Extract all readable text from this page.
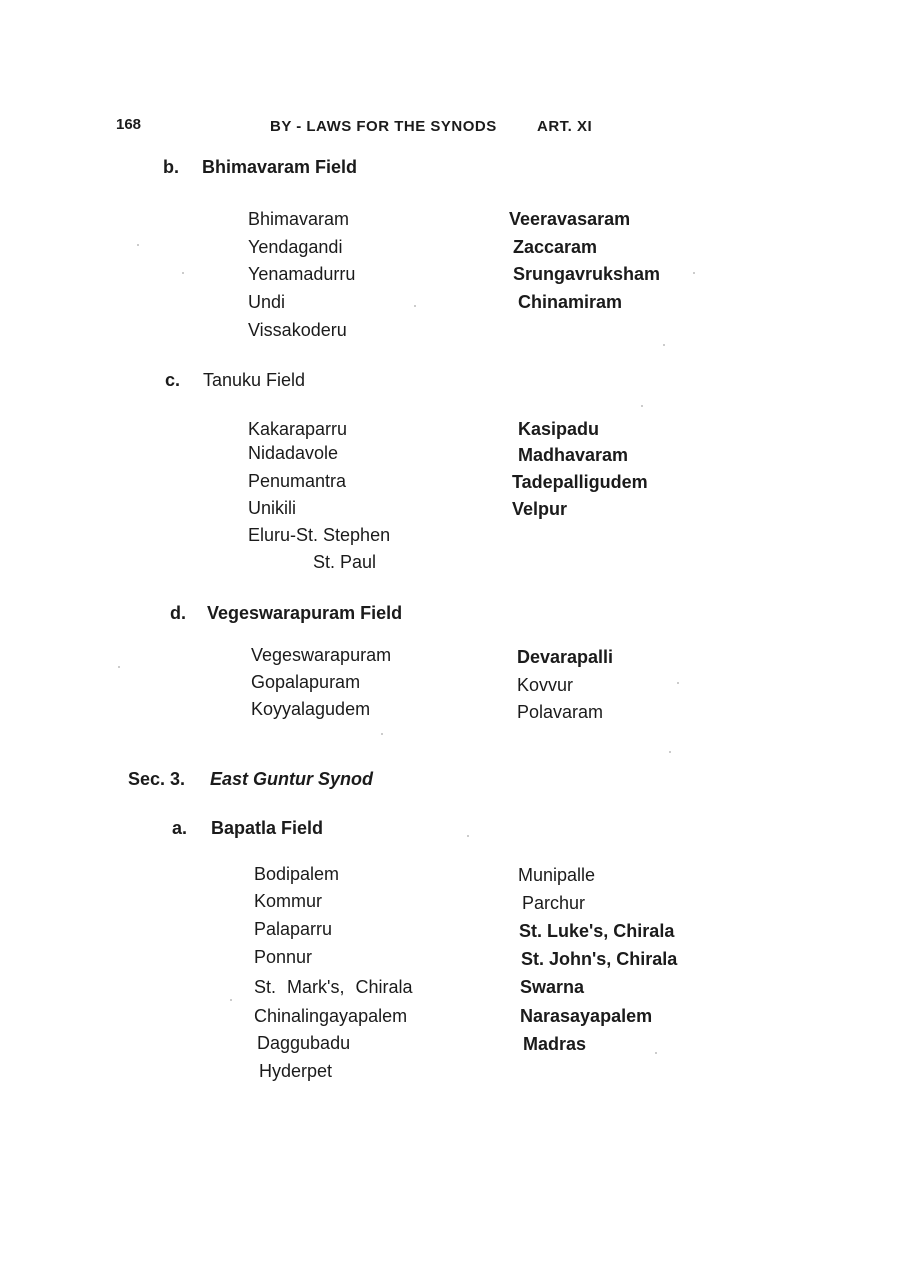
168	BY - LAWS FOR THE SYNODS	ART. XI
b. Bhimavaram Field
Bhimavaram
Yendagandi
Yenamadurru
Undi
Vissakoderu
Veeravasaram
Zaccaram
Srungavruksham
Chinamiram
c. Tanuku Field
Kakaraparru
Nidadavole
Penumantra
Unikili
Eluru-St. Stephen
St. Paul
Kasipadu
Madhavaram
Tadepalligudem
Velpur
d. Vegeswarapuram Field
Vegeswarapuram
Gopalapuram
Koyyalagudem
Devarapalli
Kovvur
Polavaram
Sec. 3. East Guntur Synod
a. Bapatla Field
Bodipalem
Kommur
Palaparru
Ponnur
St. Mark's, Chirala
Chinalingayapalem
Daggubadu
Hyderpet
Munipalle
Parchur
St. Luke's, Chirala
St. John's, Chirala
Swarna
Narasayapalem
Madras
